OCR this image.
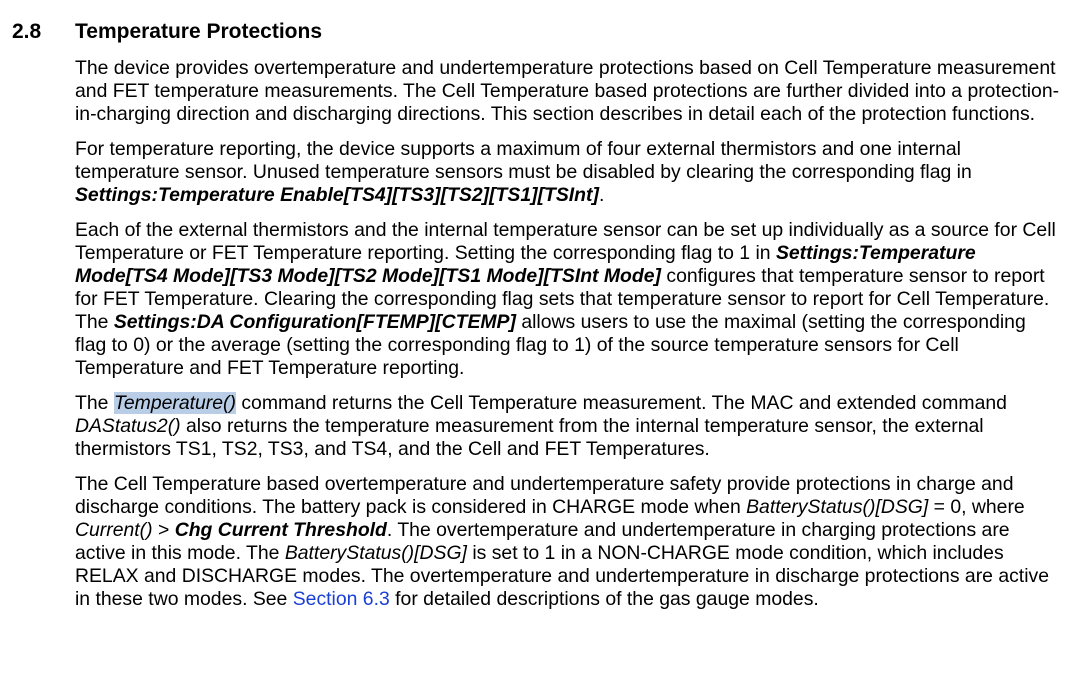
2.8 Temperature Protections

The device provides overtemperature and undertemperature protections based on Cell Temperature measurement and FET temperature measurements. The Cell Temperature based protections are further divided into a protection-in-charging direction and discharging directions. This section describes in detail each of the protection functions.

For temperature reporting, the device supports a maximum of four external thermistors and one internal temperature sensor. Unused temperature sensors must be disabled by clearing the corresponding flag in Settings:Temperature Enable[TS4][TS3][TS2][TS1][TSInt].

Each of the external thermistors and the internal temperature sensor can be set up individually as a source for Cell Temperature or FET Temperature reporting. Setting the corresponding flag to 1 in Settings:Temperature Mode[TS4 Mode][TS3 Mode][TS2 Mode][TS1 Mode][TSInt Mode] configures that temperature sensor to report for FET Temperature. Clearing the corresponding flag sets that temperature sensor to report for Cell Temperature. The Settings:DA Configuration[FTEMP][CTEMP] allows users to use the maximal (setting the corresponding flag to 0) or the average (setting the corresponding flag to 1) of the source temperature sensors for Cell Temperature and FET Temperature reporting.

The Temperature() command returns the Cell Temperature measurement. The MAC and extended command DAStatus2() also returns the temperature measurement from the internal temperature sensor, the external thermistors TS1, TS2, TS3, and TS4, and the Cell and FET Temperatures.

The Cell Temperature based overtemperature and undertemperature safety provide protections in charge and discharge conditions. The battery pack is considered in CHARGE mode when BatteryStatus()[DSG] = 0, where Current() > Chg Current Threshold. The overtemperature and undertemperature in charging protections are active in this mode. The BatteryStatus()[DSG] is set to 1 in a NON-CHARGE mode condition, which includes RELAX and DISCHARGE modes. The overtemperature and undertemperature in discharge protections are active in these two modes. See Section 6.3 for detailed descriptions of the gas gauge modes.
